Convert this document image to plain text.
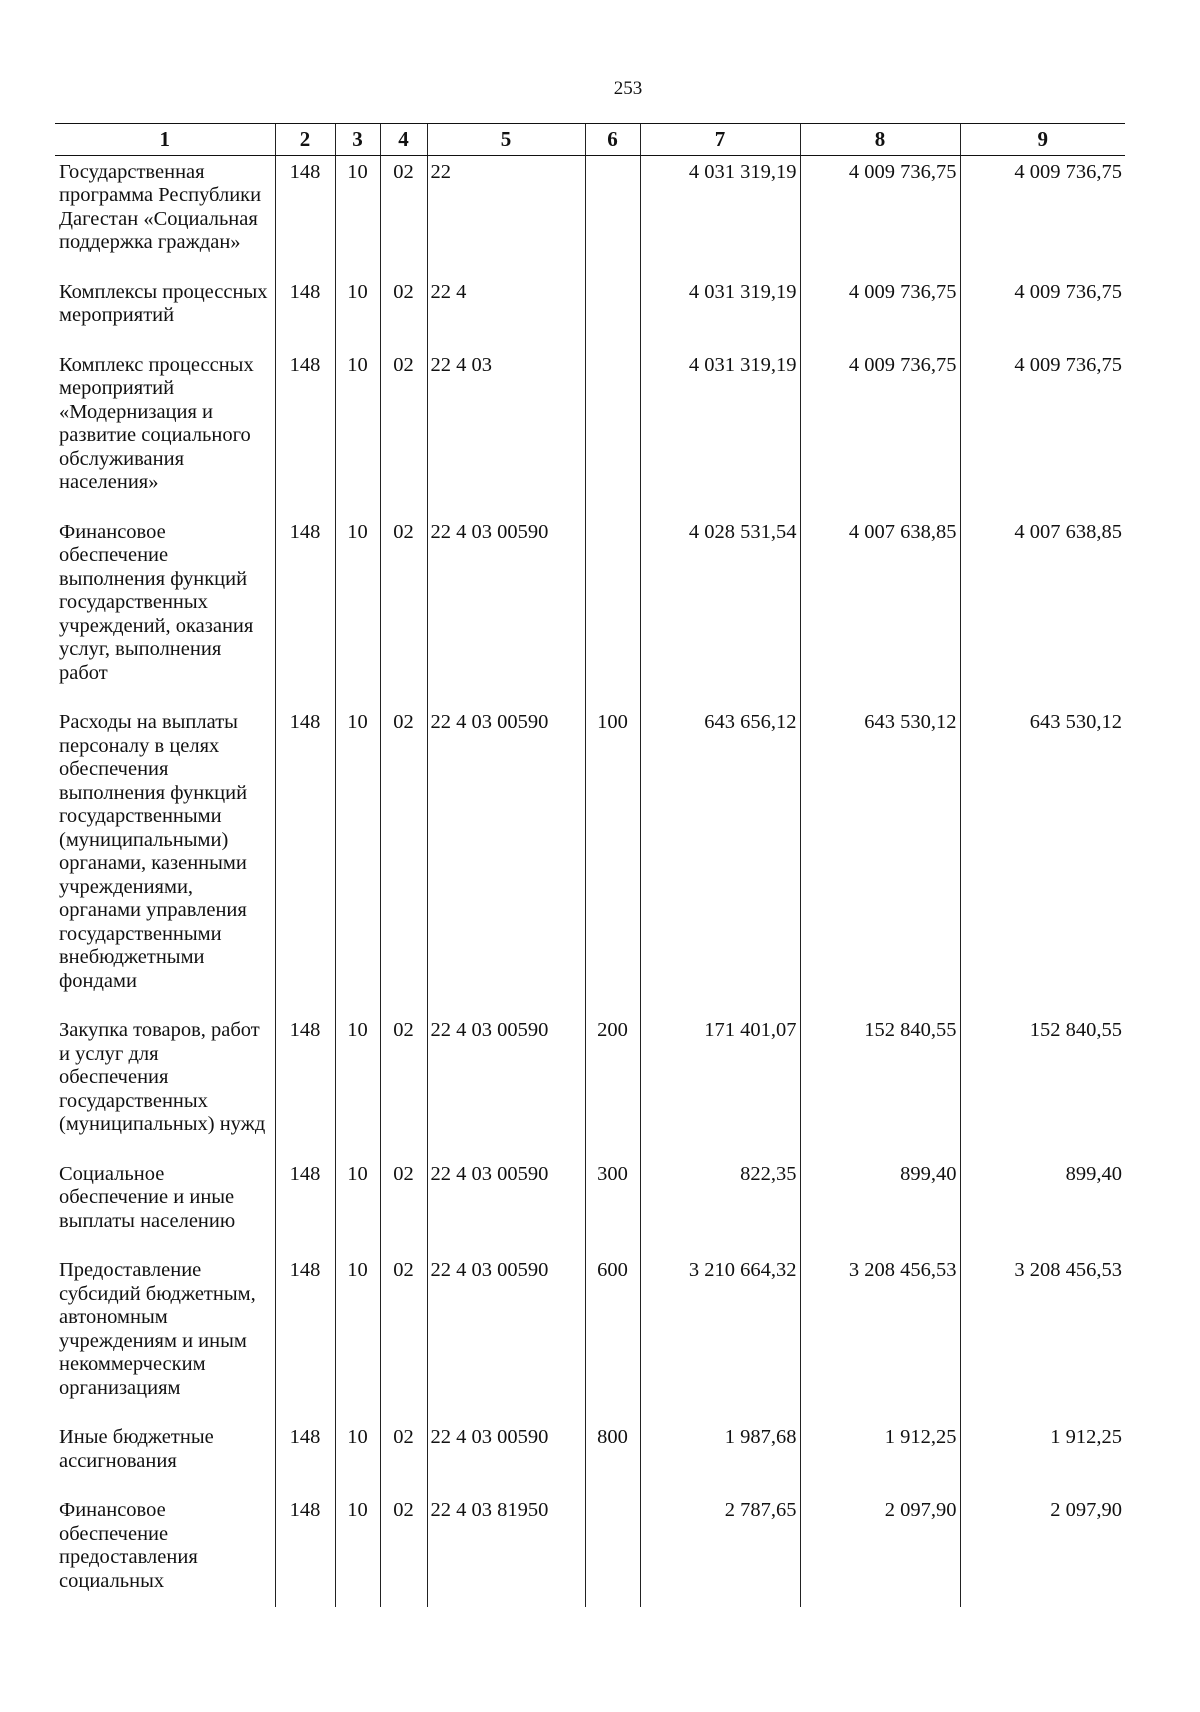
253
1	2	3	4	5	6	7	8	9
Государственная программа Республики Дагестан «Социальная поддержка граждан»	148	10	02	22		4 031 319,19	4 009 736,75	4 009 736,75
Комплексы процессных мероприятий	148	10	02	22 4		4 031 319,19	4 009 736,75	4 009 736,75
Комплекс процессных мероприятий «Модернизация и развитие социального обслуживания населения»	148	10	02	22 4 03		4 031 319,19	4 009 736,75	4 009 736,75
Финансовое обеспечение выполнения функций государственных учреждений, оказания услуг, выполнения работ	148	10	02	22 4 03 00590		4 028 531,54	4 007 638,85	4 007 638,85
Расходы на выплаты персоналу в целях обеспечения выполнения функций государственными (муниципальными) органами, казенными учреждениями, органами управления государственными внебюджетными фондами	148	10	02	22 4 03 00590	100	643 656,12	643 530,12	643 530,12
Закупка товаров, работ и услуг для обеспечения государственных (муниципальных) нужд	148	10	02	22 4 03 00590	200	171 401,07	152 840,55	152 840,55
Социальное обеспечение и иные выплаты населению	148	10	02	22 4 03 00590	300	822,35	899,40	899,40
Предоставление субсидий бюджетным, автономным учреждениям и иным некоммерческим организациям	148	10	02	22 4 03 00590	600	3 210 664,32	3 208 456,53	3 208 456,53
Иные бюджетные ассигнования	148	10	02	22 4 03 00590	800	1 987,68	1 912,25	1 912,25
Финансовое обеспечение предоставления социальных	148	10	02	22 4 03 81950		2 787,65	2 097,90	2 097,90
